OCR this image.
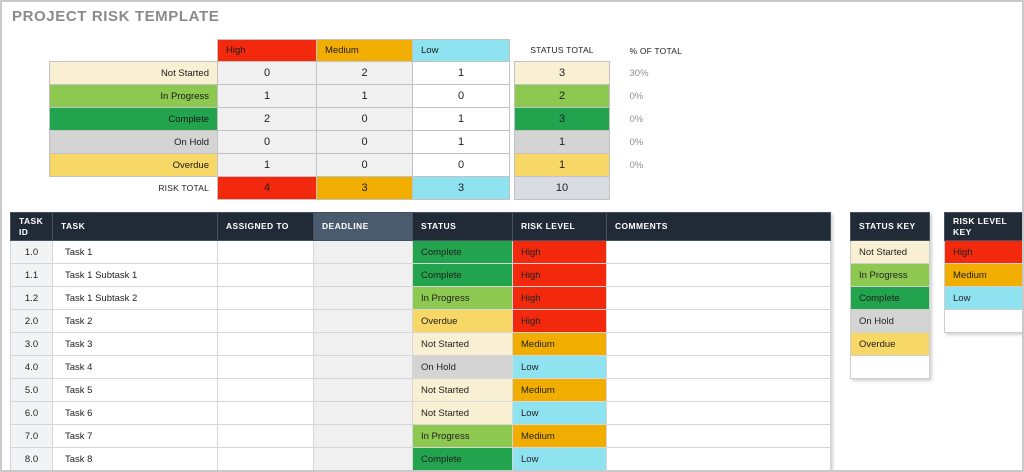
PROJECT RISK TEMPLATE
	High	Medium	Low		STATUS TOTAL		% OF TOTAL
Not Started	0	2	1		3		30%
In Progress	1	1	0		2		0%
Complete	2	0	1		3		0%
On Hold	0	0	1		1		0%
Overdue	1	0	0		1		0%
RISK TOTAL	4	3	3		10		
TASK ID	TASK	ASSIGNED TO	DEADLINE	STATUS	RISK LEVEL	COMMENTS
1.0	Task 1			Complete	High	
1.1	Task 1 Subtask 1			Complete	High	
1.2	Task 1 Subtask 2			In Progress	High	
2.0	Task 2			Overdue	High	
3.0	Task 3			Not Started	Medium	
4.0	Task 4			On Hold	Low	
5.0	Task 5			Not Started	Medium	
6.0	Task 6			Not Started	Low	
7.0	Task 7			In Progress	Medium	
8.0	Task 8			Complete	Low	
STATUS KEY
Not Started
In Progress
Complete
On Hold
Overdue

RISK LEVEL KEY
High
Medium
Low
